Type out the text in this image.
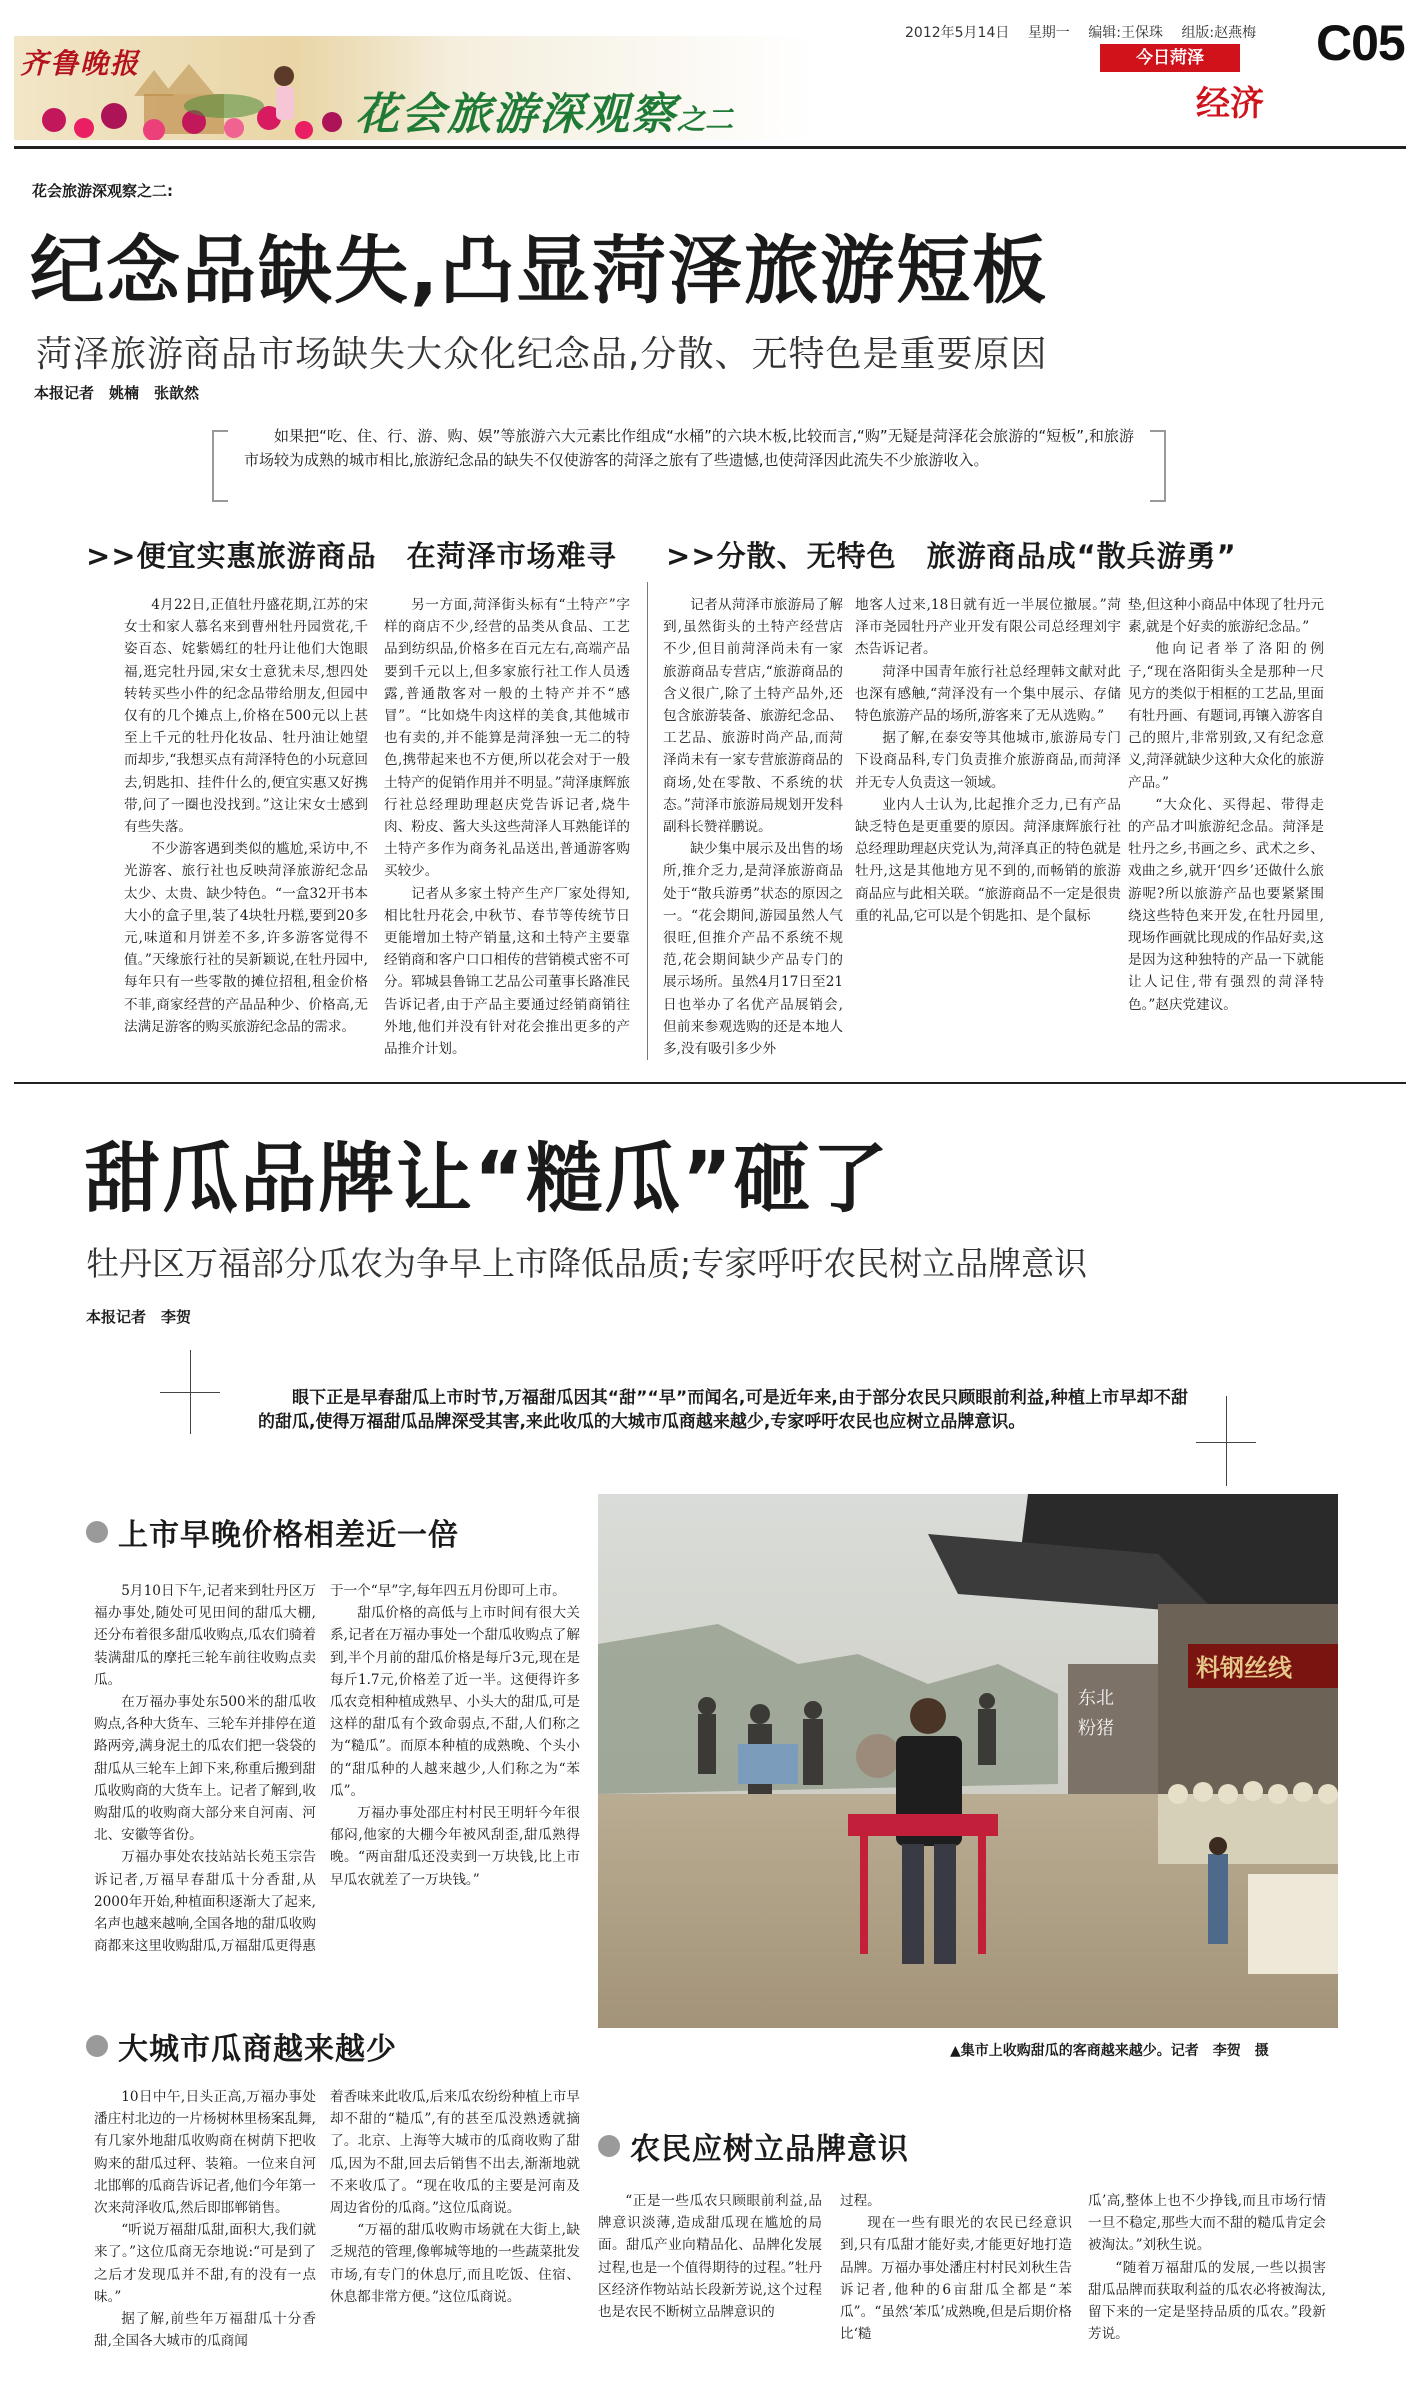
齐鲁晚报
花会旅游深观察之二
2012年5月14日 星期一 编辑:王保珠 组版:赵燕梅
今日菏泽
经济
C05
花会旅游深观察之二:
纪念品缺失,凸显菏泽旅游短板
菏泽旅游商品市场缺失大众化纪念品,分散、无特色是重要原因
本报记者　姚楠　张歆然
如果把“吃、住、行、游、购、娱”等旅游六大元素比作组成“水桶”的六块木板,比较而言,“购”无疑是菏泽花会旅游的“短板”,和旅游市场较为成熟的城市相比,旅游纪念品的缺失不仅使游客的菏泽之旅有了些遗憾,也使菏泽因此流失不少旅游收入。
>>便宜实惠旅游商品　在菏泽市场难寻 >>分散、无特色　旅游商品成“散兵游勇”

4月22日,正值牡丹盛花期,江苏的宋女士和家人慕名来到曹州牡丹园赏花,千姿百态、姹紫嫣红的牡丹让他们大饱眼福,逛完牡丹园,宋女士意犹未尽,想四处转转买些小件的纪念品带给朋友,但园中仅有的几个摊点上,价格在500元以上甚至上千元的牡丹化妆品、牡丹油让她望而却步,“我想买点有菏泽特色的小玩意回去,钥匙扣、挂件什么的,便宜实惠又好携带,问了一圈也没找到。”这让宋女士感到有些失落。

不少游客遇到类似的尴尬,采访中,不光游客、旅行社也反映菏泽旅游纪念品太少、太贵、缺少特色。“一盒32开书本大小的盒子里,装了4块牡丹糕,要到20多元,味道和月饼差不多,许多游客觉得不值。”天缘旅行社的吴新颖说,在牡丹园中,每年只有一些零散的摊位招租,租金价格不菲,商家经营的产品品种少、价格高,无法满足游客的购买旅游纪念品的需求。

另一方面,菏泽街头标有“土特产”字样的商店不少,经营的品类从食品、工艺品到纺织品,价格多在百元左右,高端产品要到千元以上,但多家旅行社工作人员透露,普通散客对一般的土特产并不“感冒”。“比如烧牛肉这样的美食,其他城市也有卖的,并不能算是菏泽独一无二的特色,携带起来也不方便,所以花会对于一般土特产的促销作用并不明显。”菏泽康辉旅行社总经理助理赵庆党告诉记者,烧牛肉、粉皮、酱大头这些菏泽人耳熟能详的土特产多作为商务礼品送出,普通游客购买较少。

记者从多家土特产生产厂家处得知,相比牡丹花会,中秋节、春节等传统节日更能增加土特产销量,这和土特产主要靠经销商和客户口口相传的营销模式密不可分。郓城县鲁锦工艺品公司董事长路准民告诉记者,由于产品主要通过经销商销往外地,他们并没有针对花会推出更多的产品推介计划。

记者从菏泽市旅游局了解到,虽然街头的土特产经营店不少,但目前菏泽尚未有一家旅游商品专营店,“旅游商品的含义很广,除了土特产品外,还包含旅游装备、旅游纪念品、工艺品、旅游时尚产品,而菏泽尚未有一家专营旅游商品的商场,处在零散、不系统的状态。”菏泽市旅游局规划开发科副科长赞祥鹏说。

缺少集中展示及出售的场所,推介乏力,是菏泽旅游商品处于“散兵游勇”状态的原因之一。“花会期间,游园虽然人气很旺,但推介产品不系统不规范,花会期间缺少产品专门的展示场所。虽然4月17日至21日也举办了名优产品展销会,但前来参观选购的还是本地人多,没有吸引多少外

地客人过来,18日就有近一半展位撤展。”菏泽市尧园牡丹产业开发有限公司总经理刘宇杰告诉记者。

菏泽中国青年旅行社总经理韩文献对此也深有感触,“菏泽没有一个集中展示、存储特色旅游产品的场所,游客来了无从选购。”

据了解,在泰安等其他城市,旅游局专门下设商品科,专门负责推介旅游商品,而菏泽并无专人负责这一领域。

业内人士认为,比起推介乏力,已有产品缺乏特色是更重要的原因。菏泽康辉旅行社总经理助理赵庆党认为,菏泽真正的特色就是牡丹,这是其他地方见不到的,而畅销的旅游商品应与此相关联。“旅游商品不一定是很贵重的礼品,它可以是个钥匙扣、是个鼠标

垫,但这种小商品中体现了牡丹元素,就是个好卖的旅游纪念品。”

他向记者举了洛阳的例子,“现在洛阳街头全是那种一尺见方的类似于相框的工艺品,里面有牡丹画、有题词,再镶入游客自己的照片,非常别致,又有纪念意义,菏泽就缺少这种大众化的旅游产品。”

“大众化、买得起、带得走的产品才叫旅游纪念品。菏泽是牡丹之乡,书画之乡、武术之乡、戏曲之乡,就开‘四乡’还做什么旅游呢?所以旅游产品也要紧紧围绕这些特色来开发,在牡丹园里,现场作画就比现成的作品好卖,这是因为这种独特的产品一下就能让人记住,带有强烈的菏泽特色。”赵庆党建议。

甜瓜品牌让“糙瓜”砸了
牡丹区万福部分瓜农为争早上市降低品质;专家呼吁农民树立品牌意识
本报记者　李贺
眼下正是早春甜瓜上市时节,万福甜瓜因其“甜”“早”而闻名,可是近年来,由于部分农民只顾眼前利益,种植上市早却不甜的甜瓜,使得万福甜瓜品牌深受其害,来此收瓜的大城市瓜商越来越少,专家呼吁农民也应树立品牌意识。
上市早晚价格相差近一倍
大城市瓜商越来越少
农民应树立品牌意识

5月10日下午,记者来到牡丹区万福办事处,随处可见田间的甜瓜大棚,还分布着很多甜瓜收购点,瓜农们骑着装满甜瓜的摩托三轮车前往收购点卖瓜。

在万福办事处东500米的甜瓜收购点,各种大货车、三轮车并排停在道路两旁,满身泥土的瓜农们把一袋袋的甜瓜从三轮车上卸下来,称重后搬到甜瓜收购商的大货车上。记者了解到,收购甜瓜的收购商大部分来自河南、河北、安徽等省份。

万福办事处农技站站长苑玉宗告诉记者,万福早春甜瓜十分香甜,从2000年开始,种植面积逐渐大了起来,名声也越来越响,全国各地的甜瓜收购商都来这里收购甜瓜,万福甜瓜更得惠

于一个“早”字,每年四五月份即可上市。

甜瓜价格的高低与上市时间有很大关系,记者在万福办事处一个甜瓜收购点了解到,半个月前的甜瓜价格是每斤3元,现在是每斤1.7元,价格差了近一半。这便得许多瓜农竞相种植成熟早、小头大的甜瓜,可是这样的甜瓜有个致命弱点,不甜,人们称之为“糙瓜”。而原本种植的成熟晚、个头小的“甜瓜种的人越来越少,人们称之为“苯瓜”。

万福办事处邵庄村村民王明轩今年很郁闷,他家的大棚今年被风刮歪,甜瓜熟得晚。“两亩甜瓜还没卖到一万块钱,比上市早瓜农就差了一万块钱。”

10日中午,日头正高,万福办事处潘庄村北边的一片杨树林里杨案乱舞,有几家外地甜瓜收购商在树荫下把收购来的甜瓜过秤、装箱。一位来自河北邯郸的瓜商告诉记者,他们今年第一次来菏泽收瓜,然后即邯郸销售。

“听说万福甜瓜甜,面积大,我们就来了。”这位瓜商无奈地说:“可是到了之后才发现瓜并不甜,有的没有一点味。”

据了解,前些年万福甜瓜十分香甜,全国各大城市的瓜商闻

着香味来此收瓜,后来瓜农纷纷种植上市早却不甜的“糙瓜”,有的甚至瓜没熟透就摘了。北京、上海等大城市的瓜商收购了甜瓜,因为不甜,回去后销售不出去,渐渐地就不来收瓜了。“现在收瓜的主要是河南及周边省份的瓜商。”这位瓜商说。

“万福的甜瓜收购市场就在大街上,缺乏规范的管理,像郸城等地的一些蔬菜批发市场,有专门的休息厅,而且吃饭、住宿、休息都非常方便。”这位瓜商说。

料钢丝线
东北
粉猪
▲集市上收购甜瓜的客商越来越少。记者　李贺　摄

“正是一些瓜农只顾眼前利益,品牌意识淡薄,造成甜瓜现在尴尬的局面。甜瓜产业向精品化、品牌化发展过程,也是一个值得期待的过程。”牡丹区经济作物站站长段新芳说,这个过程也是农民不断树立品牌意识的

过程。

现在一些有眼光的农民已经意识到,只有瓜甜才能好卖,才能更好地打造品牌。万福办事处潘庄村村民刘秋生告诉记者,他种的6亩甜瓜全都是“苯瓜”。“虽然‘苯瓜’成熟晚,但是后期价格比‘糙

瓜’高,整体上也不少挣钱,而且市场行情一旦不稳定,那些大而不甜的糙瓜肯定会被淘汰。”刘秋生说。

“随着万福甜瓜的发展,一些以损害甜瓜品牌而获取利益的瓜农必将被淘汰,留下来的一定是坚持品质的瓜农。”段新芳说。
